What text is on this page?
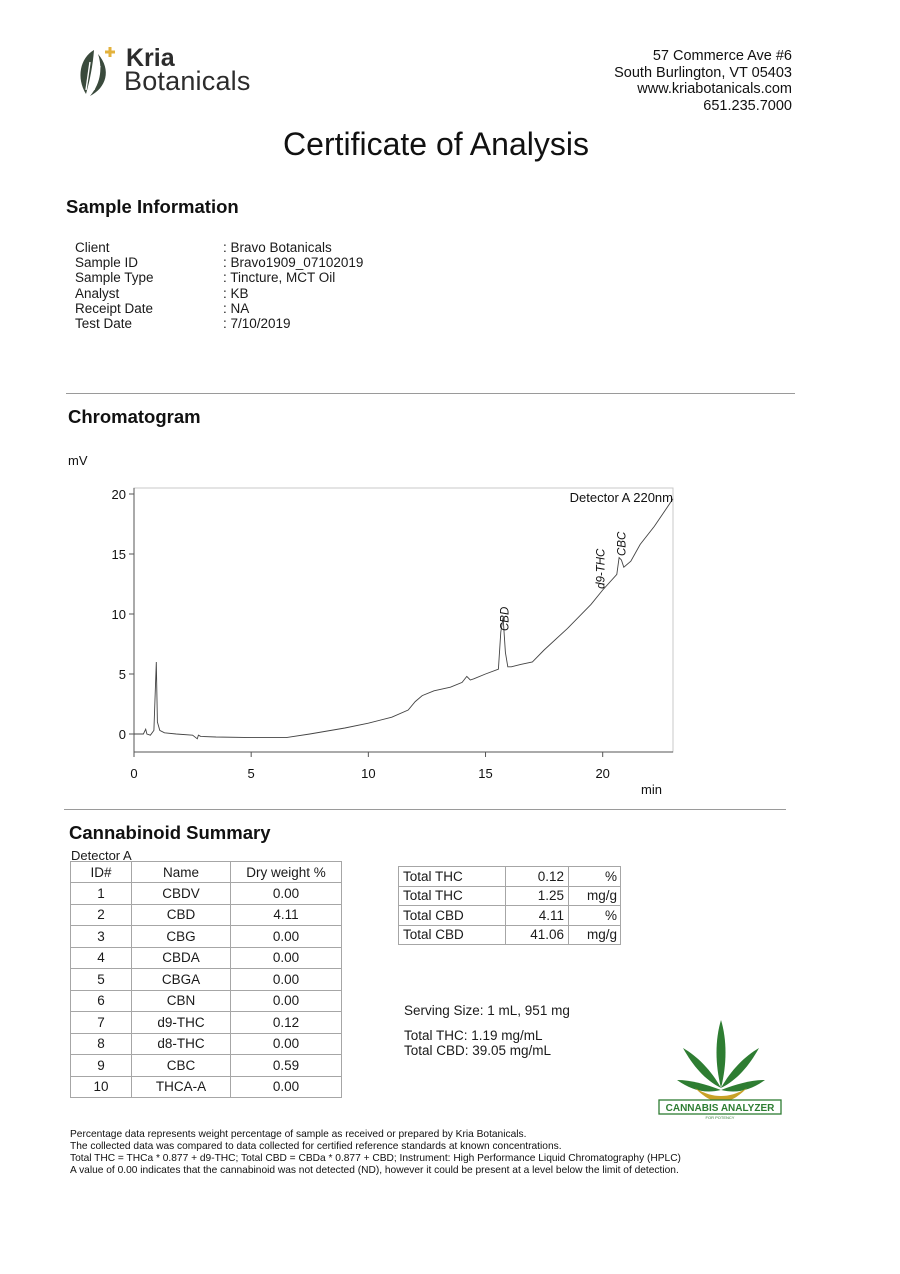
Kria
Botanicals
57 Commerce Ave #6
South Burlington, VT 05403
www.kriabotanicals.com
651.235.7000
Certificate of Analysis
Sample Information
Client	: Bravo Botanicals
Sample ID	: Bravo1909_07102019
Sample Type	: Tincture, MCT Oil
Analyst	: KB
Receipt Date	: NA
Test Date	: 7/10/2019
Chromatogram
mV
0
5
10
15
20
0	5	10	15	20
CBD
d9-THC
CBC
Detector A 220nm
min
Cannabinoid Summary
Detector A
ID#	Name	Dry weight %
1	CBDV	0.00
2	CBD	4.11
3	CBG	0.00
4	CBDA	0.00
5	CBGA	0.00
6	CBN	0.00
7	d9-THC	0.12
8	d8-THC	0.00
9	CBC	0.59
10	THCA-A	0.00
Total THC	0.12	%
Total THC	1.25	mg/g
Total CBD	4.11	%
Total CBD	41.06	mg/g

Serving Size: 1 mL, 951 mg

Total THC: 1.19 mg/mL

Total CBD: 39.05 mg/mL

CANNABIS ANALYZER
FOR POTENCY

Percentage data represents weight percentage of sample as received or prepared by Kria Botanicals.

The collected data was compared to data collected for certified reference standards at known concentrations.

Total THC = THCa * 0.877 + d9-THC; Total CBD = CBDa * 0.877 + CBD; Instrument: High Performance Liquid Chromatography (HPLC)

A value of 0.00 indicates that the cannabinoid was not detected (ND), however it could be present at a level below the limit of detection.
